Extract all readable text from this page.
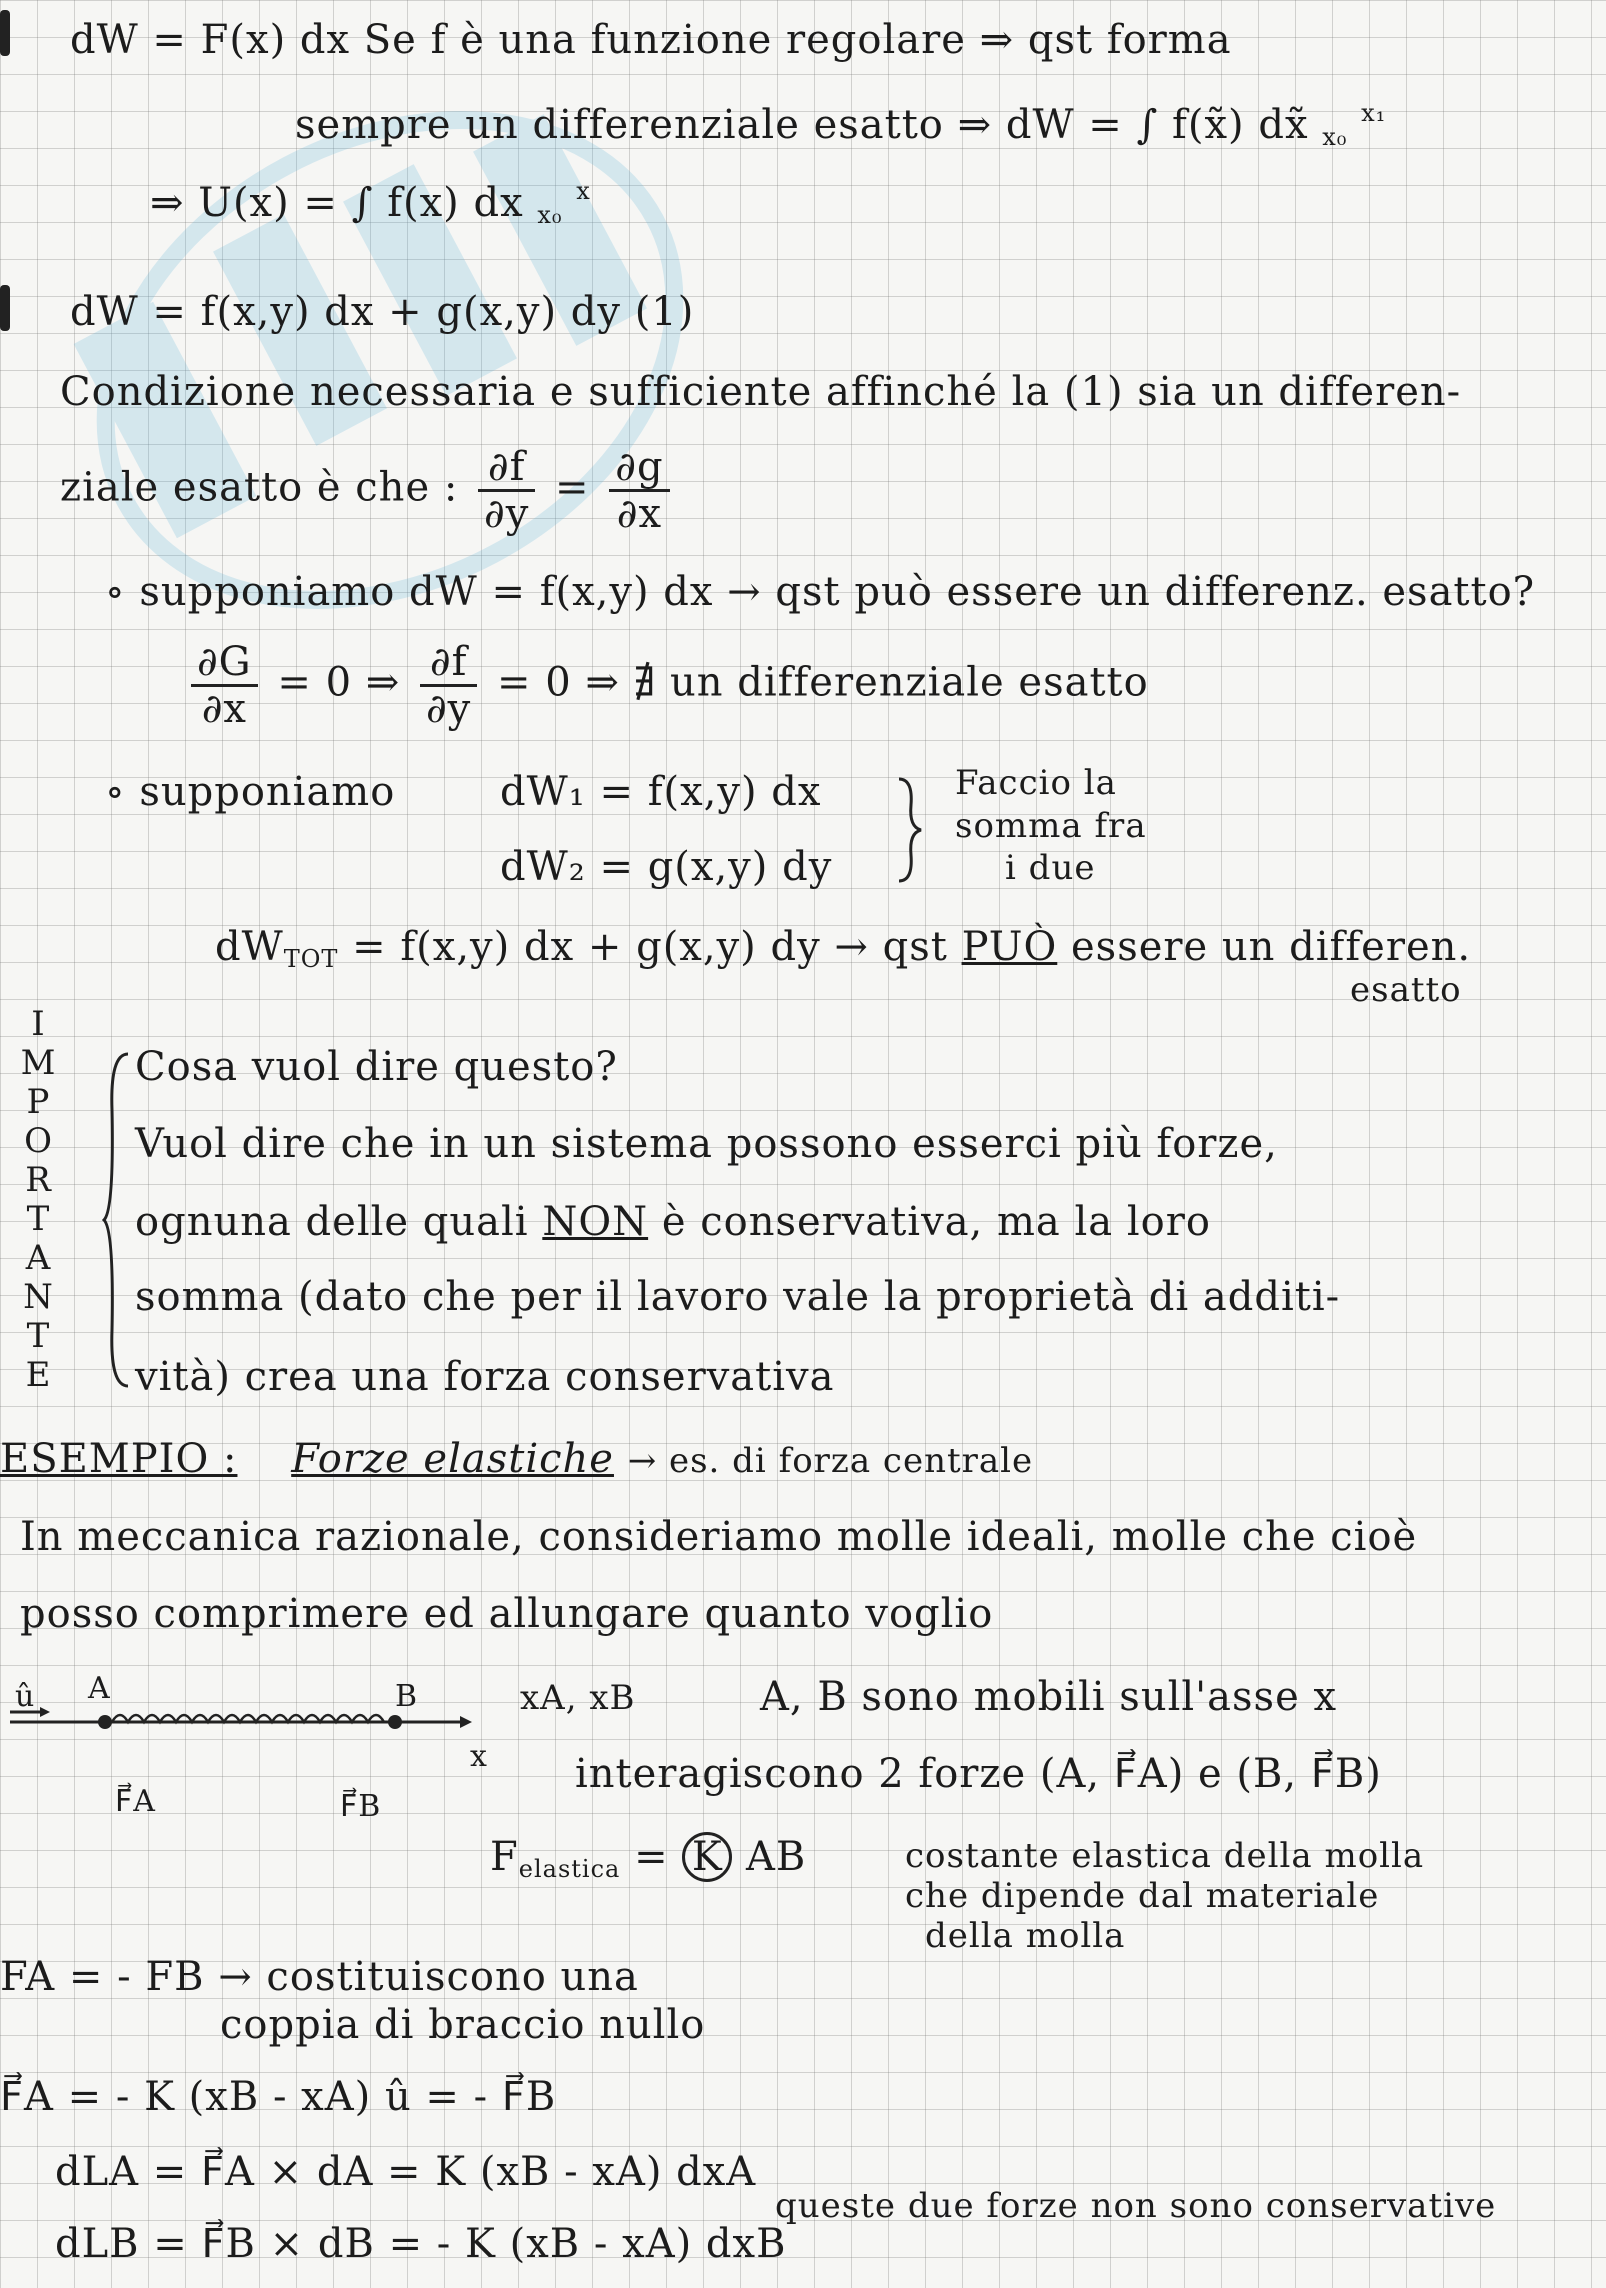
dW = F(x) dx Se f è una funzione regolare ⇒ qst forma
sempre un differenziale esatto ⇒ dW = ∫ f(x̃) dx̃ $_{x_0}$ $^{x_1}$
⇒ U(x) = ∫ f(x) dx $_{x_0}$ $^x$
dW = f(x,y) dx + g(x,y) dy (1)
Condizione necessaria e sufficiente affinché la (1) sia un differen-
ziale esatto è che : $\frac{\partial f}{\partial y} = \frac{\partial g}{\partial x}$
∘ supponiamo dW = f(x,y) dx → qst può essere un differenz. esatto?
$\frac{\partial G}{\partial x} = 0$ ⇒ $\frac{\partial f}{\partial y} = 0$ ⇒ ∄ un differenziale esatto
∘ supponiamo	dW₁ = f(x,y) dx
dW₂ = g(x,y) dy
Faccio la
somma fra
i due
$dW_{TOT} = f(x,y)$ dx + g(x,y) dy → qst PUÒ essere un differen.
esatto
I
M
P
O
R
T
A
N
T
E
Cosa vuol dire questo?
Vuol dire che in un sistema possono esserci più forze,
ognuna delle quali NON è conservativa, ma la loro
somma (dato che per il lavoro vale la proprietà di additi-
vità) crea una forza conservativa
ESEMPIO : Forze elastiche → es. di forza centrale
In meccanica razionale, consideriamo molle ideali, molle che cioè
posso comprimere ed allungare quanto voglio
û A	B
x
F⃗A	F⃗B
xA, xB	A, B sono mobili sull'asse x
interagiscono 2 forze (A, F⃗A) e (B, F⃗B)
$F_{elastica} = K$ AB	costante elastica della molla
che dipende dal materiale
della molla
FA = - FB → costituiscono una
coppia di braccio nullo
F⃗A = - K (xB - xA) û = - F⃗B
dLA = F⃗A × dA = K (xB - xA) dxA
dLB = F⃗B × dB = - K (xB - xA) dxB
queste due forze non sono conservative
